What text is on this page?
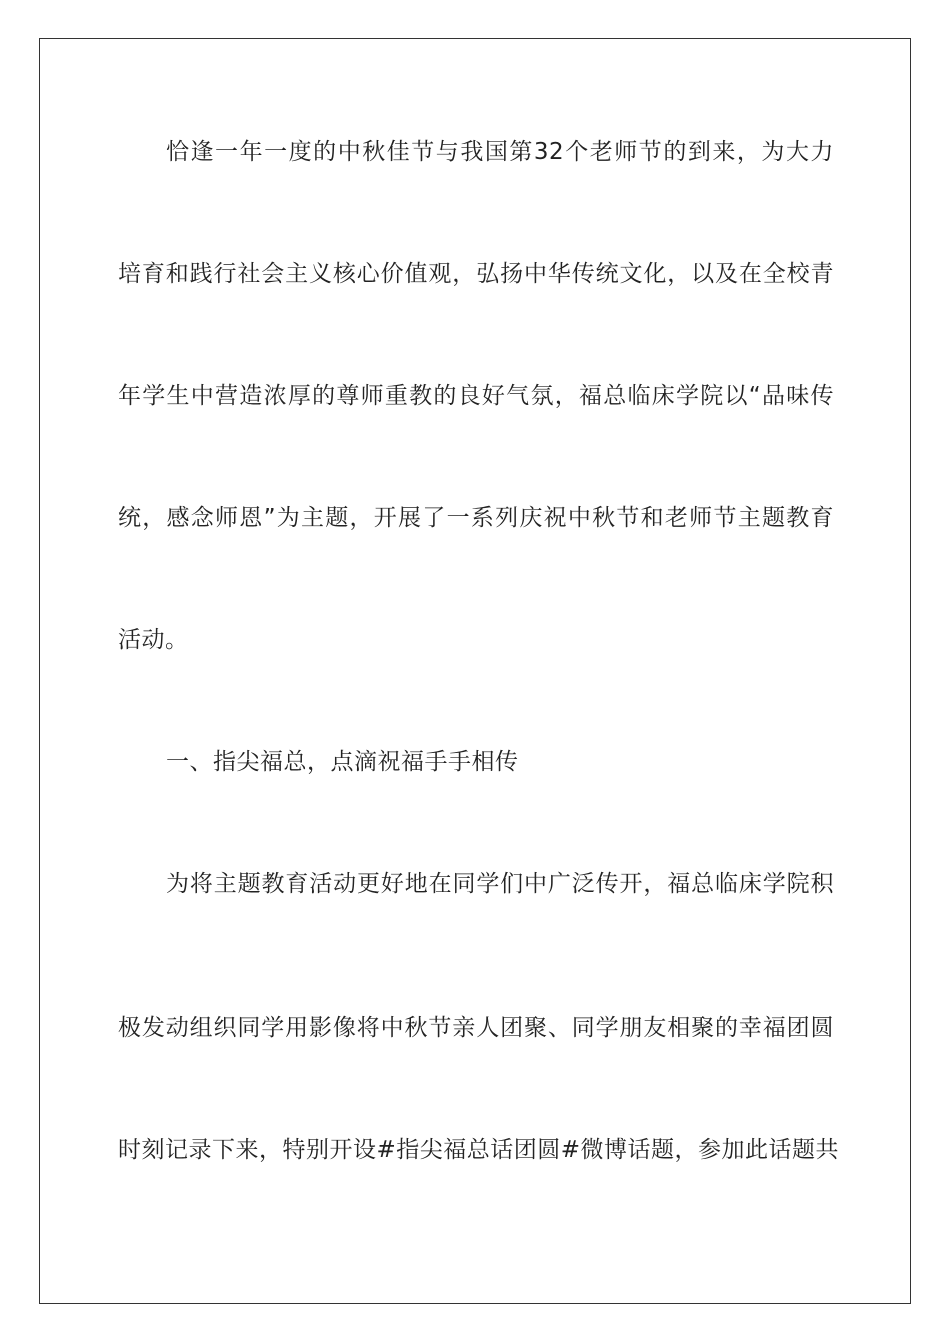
恰逢一年一度的中秋佳节与我国第32个老师节的到来，为大力
培育和践行社会主义核心价值观，弘扬中华传统文化，以及在全校青
年学生中营造浓厚的尊师重教的良好气氛，福总临床学院以“品味传
统，感念师恩”为主题，开展了一系列庆祝中秋节和老师节主题教育
活动。
一、指尖福总，点滴祝福手手相传
为将主题教育活动更好地在同学们中广泛传开，福总临床学院积
极发动组织同学用影像将中秋节亲人团聚、同学朋友相聚的幸福团圆
时刻记录下来，特别开设#指尖福总话团圆#微博话题，参加此话题共
